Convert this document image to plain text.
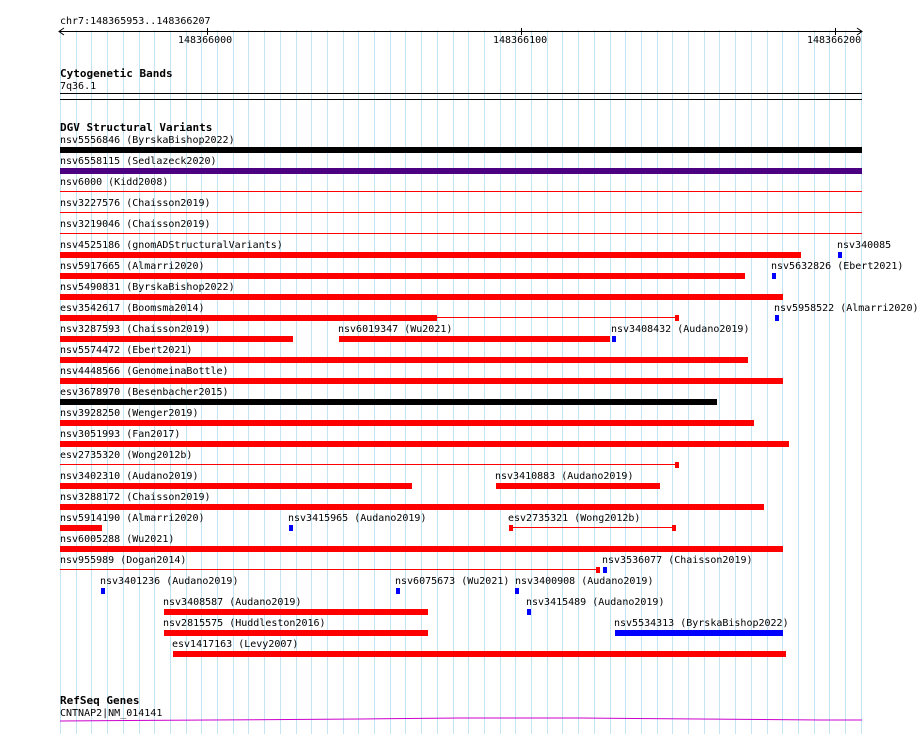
chr7:148365953..148366207
148366000	148366100	148366200
Cytogenetic Bands
7q36.1
DGV Structural Variants
nsv5556846 (ByrskaBishop2022)
nsv6558115 (Sedlazeck2020)
nsv6000 (Kidd2008)
nsv3227576 (Chaisson2019)
nsv3219046 (Chaisson2019)
nsv4525186 (gnomADStructuralVariants)	nsv340085
nsv5917665 (Almarri2020)	nsv5632826 (Ebert2021)
nsv5490831 (ByrskaBishop2022)
esv3542617 (Boomsma2014)	nsv5958522 (Almarri2020)
nsv3287593 (Chaisson2019)	nsv6019347 (Wu2021)	nsv3408432 (Audano2019)
nsv5574472 (Ebert2021)
nsv4448566 (GenomeinaBottle)
esv3678970 (Besenbacher2015)
nsv3928250 (Wenger2019)
nsv3051993 (Fan2017)
esv2735320 (Wong2012b)
nsv3402310 (Audano2019)	nsv3410883 (Audano2019)
nsv3288172 (Chaisson2019)
nsv5914190 (Almarri2020)	nsv3415965 (Audano2019)	esv2735321 (Wong2012b)
nsv6005288 (Wu2021)
nsv955989 (Dogan2014)	nsv3536077 (Chaisson2019)
nsv3401236 (Audano2019)	nsv6075673 (Wu2021) nsv3400908 (Audano2019)
nsv3408587 (Audano2019)	nsv3415489 (Audano2019)
nsv2815575 (Huddleston2016)	nsv5534313 (ByrskaBishop2022)
esv1417163 (Levy2007)
RefSeq Genes
CNTNAP2|NM_014141
